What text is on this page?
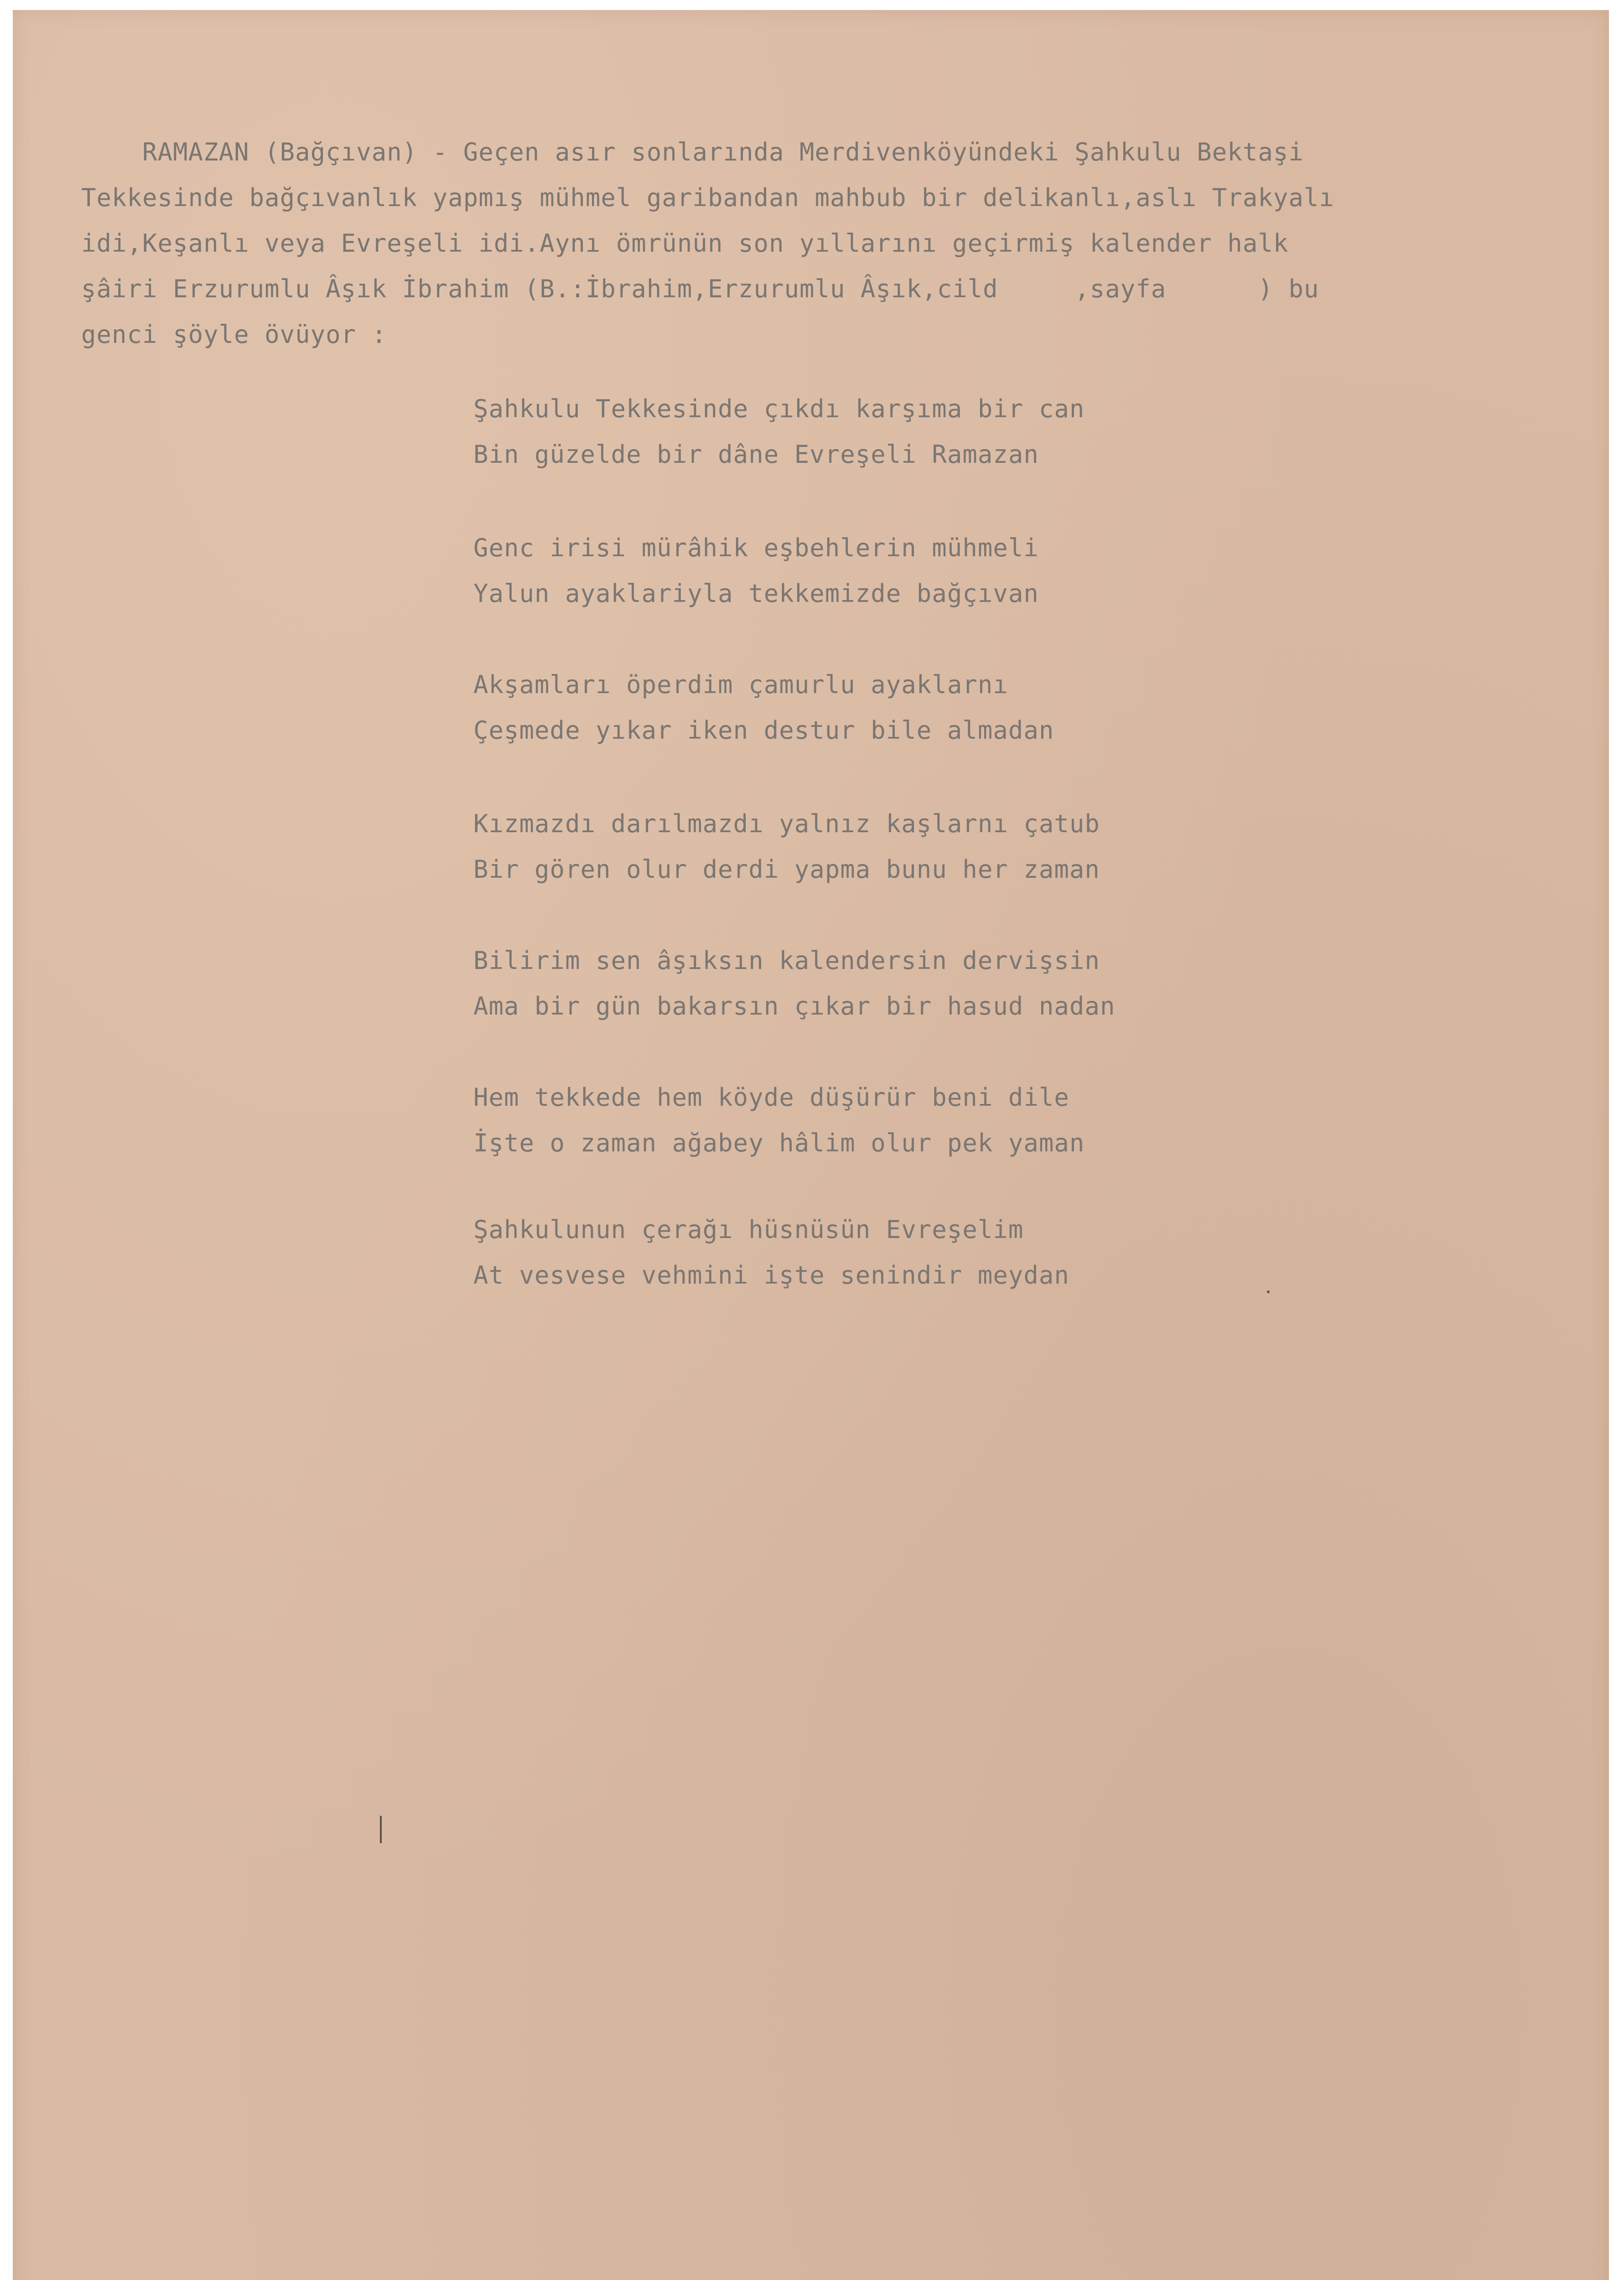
RAMAZAN (Bağçıvan) - Geçen asır sonlarında Merdivenköyündeki Şahkulu Bektaşi
Tekkesinde bağçıvanlık yapmış mühmel garibandan mahbub bir delikanlı,aslı Trakyalı
idi,Keşanlı veya Evreşeli idi.Aynı ömrünün son yıllarını geçirmiş kalender halk
şâiri Erzurumlu Âşık İbrahim (B.:İbrahim,Erzurumlu Âşık,cild     ,sayfa      ) bu
genci şöyle övüyor :
Şahkulu Tekkesinde çıkdı karşıma bir can
Bin güzelde bir dâne Evreşeli Ramazan
Genc irisi mürâhik eşbehlerin mühmeli
Yalun ayaklariyla tekkemizde bağçıvan
Akşamları öperdim çamurlu ayaklarnı
Çeşmede yıkar iken destur bile almadan
Kızmazdı darılmazdı yalnız kaşlarnı çatub
Bir gören olur derdi yapma bunu her zaman
Bilirim sen âşıksın kalendersin dervişsin
Ama bir gün bakarsın çıkar bir hasud nadan
Hem tekkede hem köyde düşürür beni dile
İşte o zaman ağabey hâlim olur pek yaman
Şahkulunun çerağı hüsnüsün Evreşelim
At vesvese vehmini işte senindir meydan
